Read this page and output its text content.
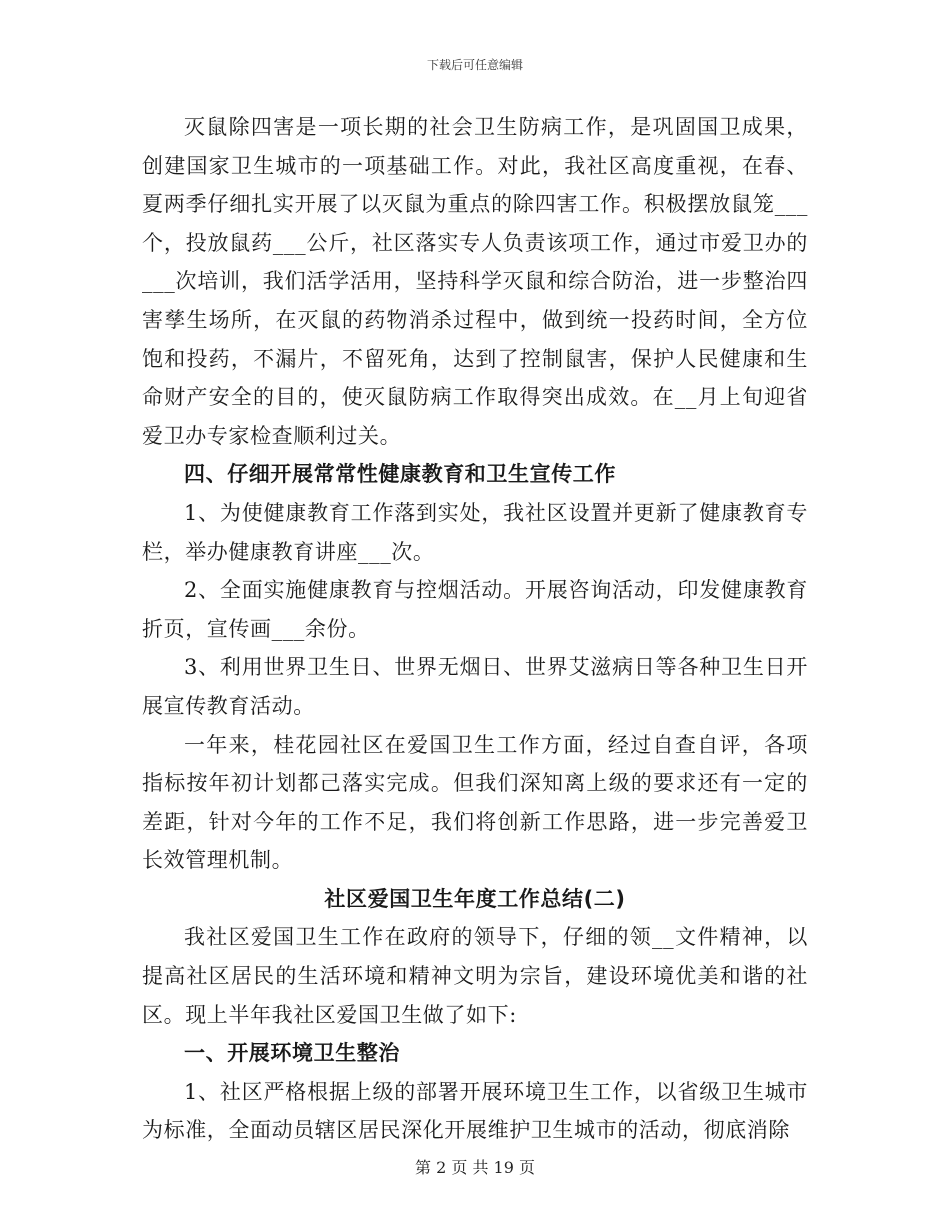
下载后可任意编辑

灭鼠除四害是一项长期的社会卫生防病工作，是巩固国卫成果，创建国家卫生城市的一项基础工作。对此，我社区高度重视，在春、夏两季仔细扎实开展了以灭鼠为重点的除四害工作。积极摆放鼠笼___个，投放鼠药___公斤，社区落实专人负责该项工作，通过市爱卫办的___次培训，我们活学活用，坚持科学灭鼠和综合防治，进一步整治四害孳生场所，在灭鼠的药物消杀过程中，做到统一投药时间，全方位饱和投药，不漏片，不留死角，达到了控制鼠害，保护人民健康和生命财产安全的目的，使灭鼠防病工作取得突出成效。在__月上旬迎省爱卫办专家检查顺利过关。

四、仔细开展常常性健康教育和卫生宣传工作

1、为使健康教育工作落到实处，我社区设置并更新了健康教育专栏，举办健康教育讲座___次。

2、全面实施健康教育与控烟活动。开展咨询活动，印发健康教育折页，宣传画___余份。

3、利用世界卫生日、世界无烟日、世界艾滋病日等各种卫生日开展宣传教育活动。

一年来，桂花园社区在爱国卫生工作方面，经过自查自评，各项指标按年初计划都己落实完成。但我们深知离上级的要求还有一定的差距，针对今年的工作不足，我们将创新工作思路，进一步完善爱卫长效管理机制。

社区爱国卫生年度工作总结(二)

我社区爱国卫生工作在政府的领导下，仔细的领__文件精神，以提高社区居民的生活环境和精神文明为宗旨，建设环境优美和谐的社区。现上半年我社区爱国卫生做了如下:

一、开展环境卫生整治

1、社区严格根据上级的部署开展环境卫生工作，以省级卫生城市为标准，全面动员辖区居民深化开展维护卫生城市的活动，彻底消除

第 2 页 共 19 页
